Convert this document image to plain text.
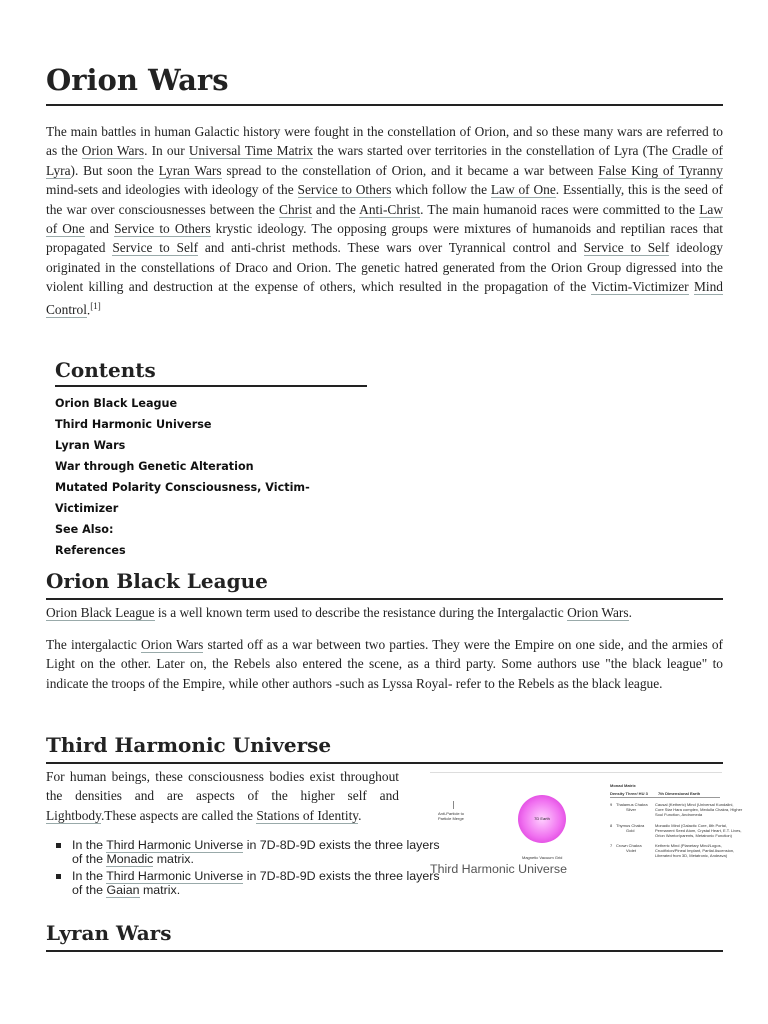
Orion Wars

The main battles in human Galactic history were fought in the constellation of Orion, and so these many wars are referred to as the Orion Wars. In our Universal Time Matrix the wars started over territories in the constellation of Lyra (The Cradle of Lyra). But soon the Lyran Wars spread to the constellation of Orion, and it became a war between False King of Tyranny mind-sets and ideologies with ideology of the Service to Others which follow the Law of One. Essentially, this is the seed of the war over consciousnesses between the Christ and the Anti-Christ. The main humanoid races were committed to the Law of One and Service to Others krystic ideology. The opposing groups were mixtures of humanoids and reptilian races that propagated Service to Self and anti-christ methods. These wars over Tyrannical control and Service to Self ideology originated in the constellations of Draco and Orion. The genetic hatred generated from the Orion Group digressed into the violent killing and destruction at the expense of others, which resulted in the propagation of the Victim-Victimizer Mind Control.[1]

Contents
Orion Black League
Third Harmonic Universe
Lyran Wars
War through Genetic Alteration
Mutated Polarity Consciousness, Victim-Victimizer
See Also:
References
Orion Black League

Orion Black League is a well known term used to describe the resistance during the Intergalactic Orion Wars.

The intergalactic Orion Wars started off as a war between two parties. They were the Empire on one side, and the armies of Light on the other. Later on, the Rebels also entered the scene, as a third party. Some authors use "the black league" to indicate the troops of the Empire, while other authors -such as Lyssa Royal- refer to the Rebels as the black league.

Third Harmonic Universe

For human beings, these consciousness bodies exist throughout the densities and are aspects of the higher self and Lightbody.These aspects are called the Stations of Identity.

In the Third Harmonic Universe in 7D-8D-9D exists the three layers of the Monadic matrix.
In the Third Harmonic Universe in 7D-8D-9D exists the three layers of the Gaian matrix.
Anti-Particle to
Particle Merge	7D Earth
Magnetic Vacuum Grid
Monad Matrix
Density Three/ HU 3	7th Dimensional Earth
9 Thalamus Chakra
Silver
Causal (Ketheric) Mind (Universal Kundalini,
Core Star Hara complex, Medulla Chakra, Higher
Soul Function, Andromeda
8 Thymus Chakra
Gold
Monadic Mind (Galactic Core, 8th Portal,
Permanent Seed Atom, Crystal Heart, E.T. Lives,
Orion Warrior/parents, Metatronic Function)
7 Crown Chakra
Violet
Ketheric Mind (Planetary Mind/Logos,
Crucifixion/Pineal Implant, Partial Ascension,
Liberated from 3D, Metatronic, Andeava)
Third Harmonic Universe
Lyran Wars
